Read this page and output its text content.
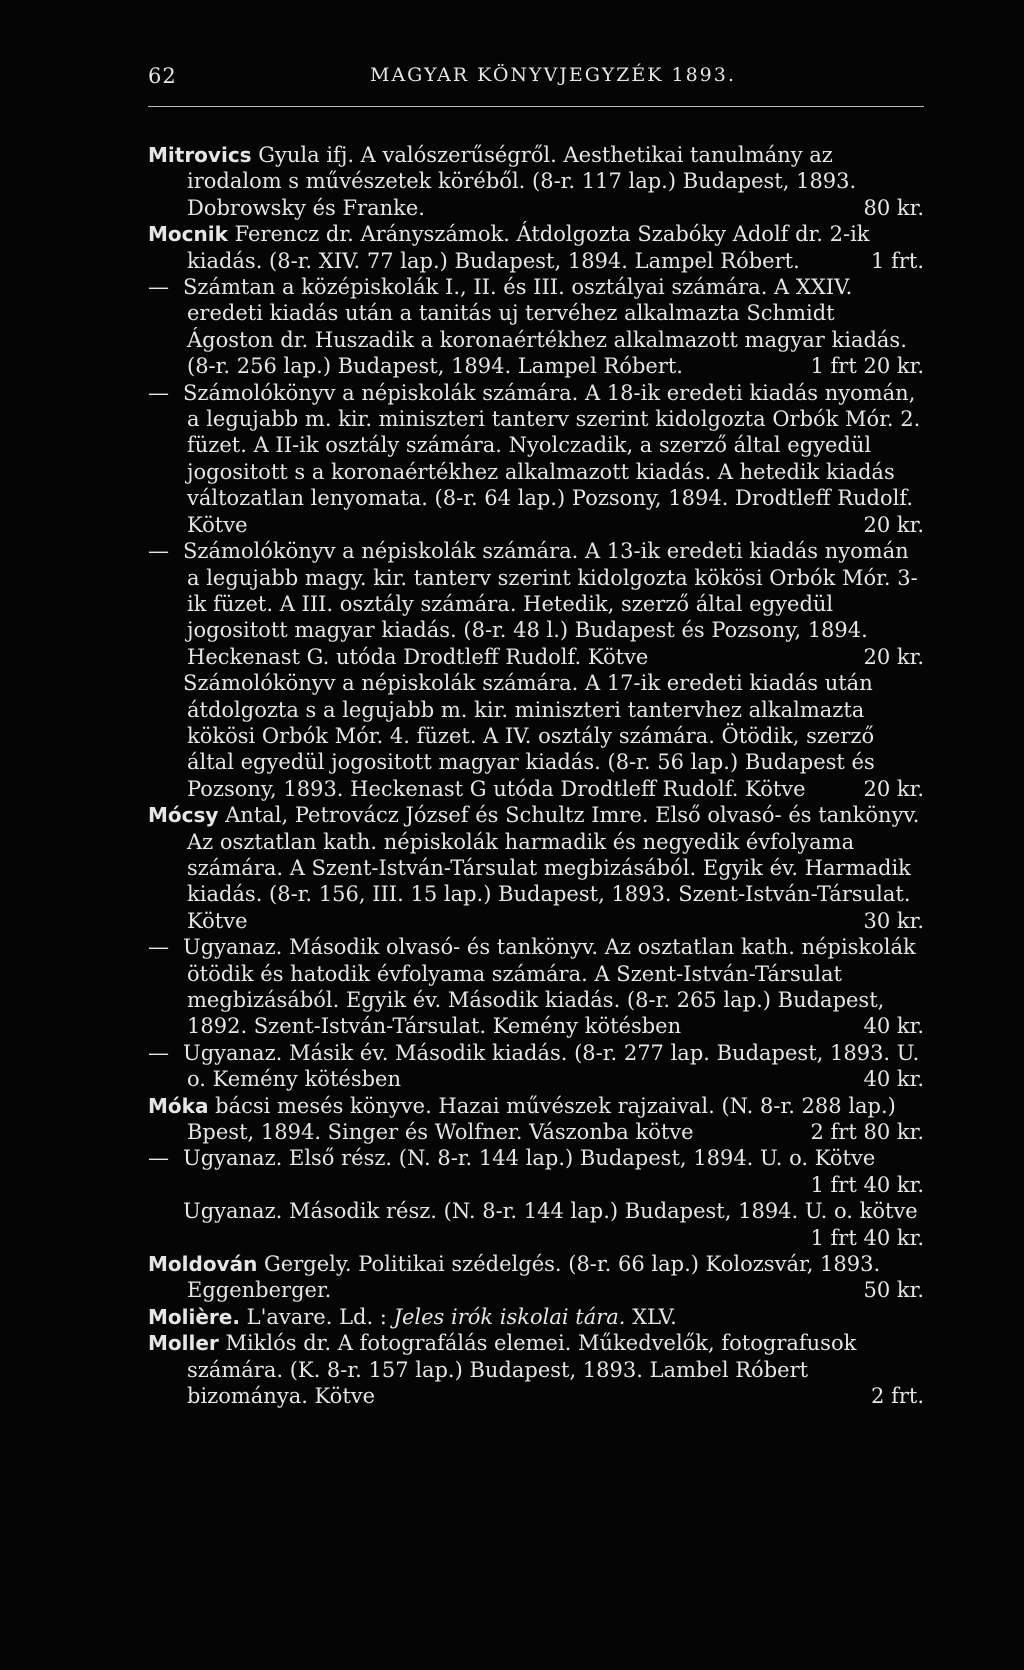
62	MAGYAR KÖNYVJEGYZÉK 1893.

Mitrovics Gyula ifj. A valószerűségről. Aesthetikai tanulmány az irodalom s művészetek köréből. (8-r. 117 lap.) Budapest, 1893. Dobrowsky és Franke.	80 kr.

Mocnik Ferencz dr. Arányszámok. Átdolgozta Szabóky Adolf dr. 2-ik kiadás. (8-r. XIV. 77 lap.) Budapest, 1894. Lampel Róbert.	1 frt.

— Számtan a középiskolák I., II. és III. osztályai számára. A XXIV. eredeti kiadás után a tanitás uj tervéhez alkalmazta Schmidt Ágoston dr. Huszadik a koronaértékhez alkalmazott magyar kiadás. (8-r. 256 lap.) Budapest, 1894. Lampel Róbert.	1 frt 20 kr.

— Számolókönyv a népiskolák számára. A 18-ik eredeti kiadás nyomán, a legujabb m. kir. miniszteri tanterv szerint kidolgozta Orbók Mór. 2. füzet. A II-ik osztály számára. Nyolczadik, a szerző által egyedül jogositott s a koronaértékhez alkalmazott kiadás. A hetedik kiadás változatlan lenyomata. (8-r. 64 lap.) Pozsony, 1894. Drodtleff Rudolf. Kötve	20 kr.

— Számolókönyv a népiskolák számára. A 13-ik eredeti kiadás nyomán a legujabb magy. kir. tanterv szerint kidolgozta kökösi Orbók Mór. 3-ik füzet. A III. osztály számára. Hetedik, szerző által egyedül jogositott magyar kiadás. (8-r. 48 l.) Budapest és Pozsony, 1894. Heckenast G. utóda Drodtleff Rudolf. Kötve	20 kr.

Számolókönyv a népiskolák számára. A 17-ik eredeti kiadás után átdolgozta s a legujabb m. kir. miniszteri tantervhez alkalmazta kökösi Orbók Mór. 4. füzet. A IV. osztály számára. Ötödik, szerző által egyedül jogositott magyar kiadás. (8-r. 56 lap.) Budapest és Pozsony, 1893. Heckenast G utóda Drodtleff Rudolf. Kötve	20 kr.

Mócsy Antal, Petrovácz József és Schultz Imre. Első olvasó- és tankönyv. Az osztatlan kath. népiskolák harmadik és negyedik évfolyama számára. A Szent-István-Társulat megbizásából. Egyik év. Harmadik kiadás. (8-r. 156, III. 15 lap.) Budapest, 1893. Szent-István-Társulat. Kötve	30 kr.

— Ugyanaz. Második olvasó- és tankönyv. Az osztatlan kath. népiskolák ötödik és hatodik évfolyama számára. A Szent-István-Társulat megbizásából. Egyik év. Második kiadás. (8-r. 265 lap.) Budapest, 1892. Szent-István-Társulat. Kemény kötésben	40 kr.

— Ugyanaz. Másik év. Második kiadás. (8-r. 277 lap. Budapest, 1893. U. o. Kemény kötésben	40 kr.

Móka bácsi mesés könyve. Hazai művészek rajzaival. (N. 8-r. 288 lap.) Bpest, 1894. Singer és Wolfner. Vászonba kötve	2 frt 80 kr.

— Ugyanaz. Első rész. (N. 8-r. 144 lap.) Budapest, 1894. U. o. Kötve
1 frt 40 kr.

Ugyanaz. Második rész. (N. 8-r. 144 lap.) Budapest, 1894. U. o. kötve
1 frt 40 kr.

Moldován Gergely. Politikai szédelgés. (8-r. 66 lap.) Kolozsvár, 1893. Eggenberger.	50 kr.

Molière. L'avare. Ld. : Jeles irók iskolai tára. XLV.

Moller Miklós dr. A fotografálás elemei. Műkedvelők, fotografusok számára. (K. 8-r. 157 lap.) Budapest, 1893. Lambel Róbert bizománya. Kötve	2 frt.
